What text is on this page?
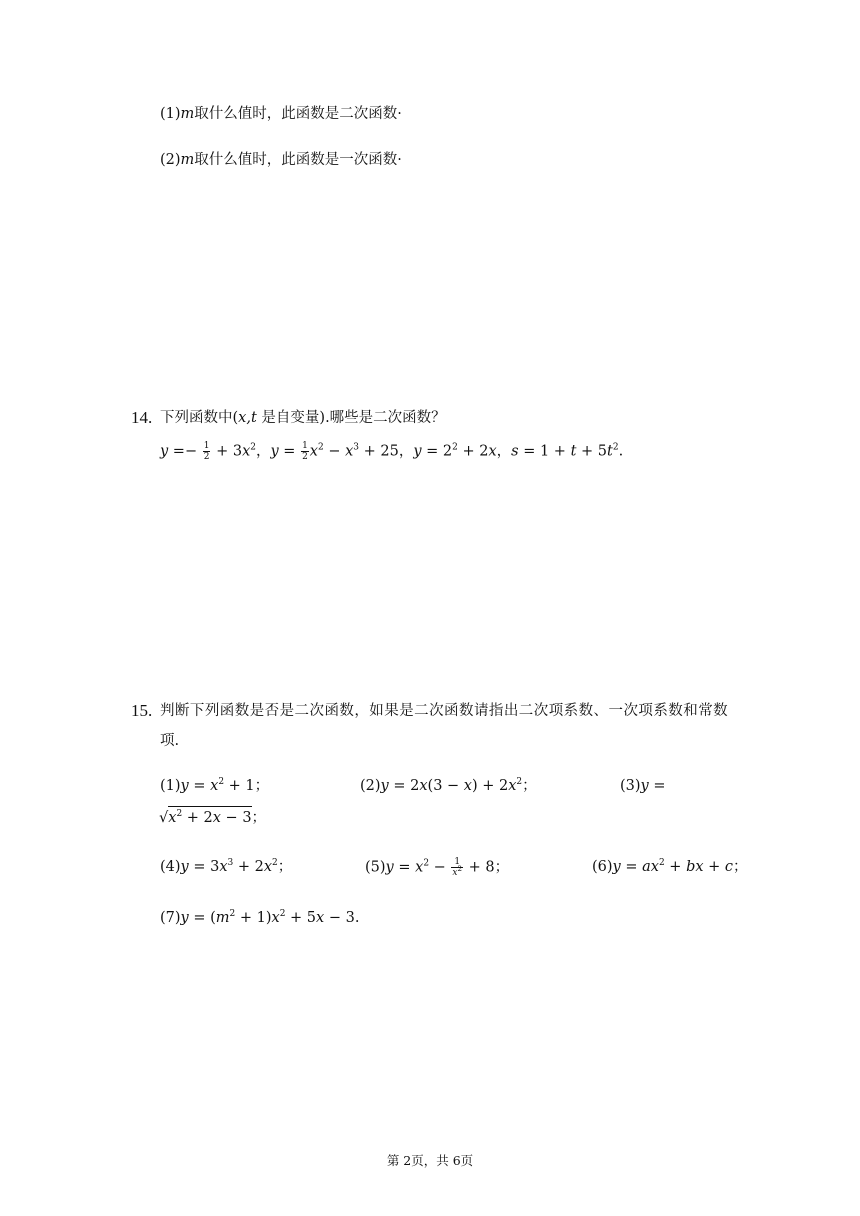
(1)m取什么值时，此函数是二次函数·
(2)m取什么值时，此函数是一次函数·
14. 下列函数中(x,t 是自变量).哪些是二次函数？
$y =- \frac{1}{2} + 3x^2$，$y = \frac{1}{2} x^2 - x^3 + 25$，$y = 2^2 + 2x$，$s = 1 + t + 5t^2$.
15. 判断下列函数是否是二次函数，如果是二次函数请指出二次项系数、一次项系数和常数
项.
$(1)y = x^2 + 1$；	$(2)y = 2x(3 - x) + 2x^2$；	(3)y =
$√x^2 + 2x - 3$；
$(4)y = 3x^3 + 2x^2$；	$(5)y = x^2 - \frac{1}{x^2} + 8$；	$(6)y = ax^2$ + bx + c；
$(7)y = (m^2 + 1)x^2 + 5x - 3$.
第 2页，共 6页
